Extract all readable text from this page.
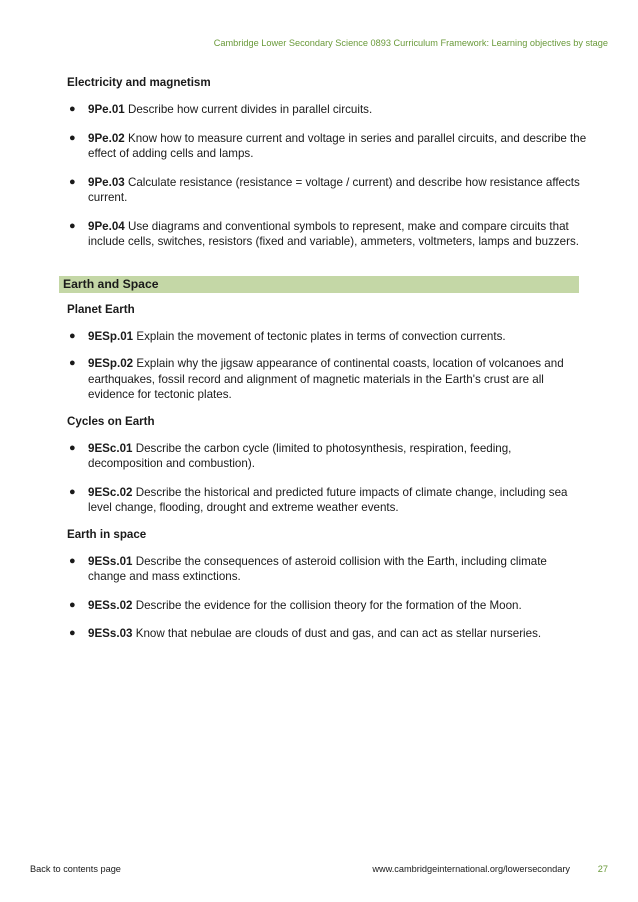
Cambridge Lower Secondary Science 0893 Curriculum Framework: Learning objectives by stage
Electricity and magnetism
● 9Pe.01 Describe how current divides in parallel circuits.
● 9Pe.02 Know how to measure current and voltage in series and parallel circuits, and describe the effect of adding cells and lamps.
● 9Pe.03 Calculate resistance (resistance = voltage / current) and describe how resistance affects current.
● 9Pe.04 Use diagrams and conventional symbols to represent, make and compare circuits that include cells, switches, resistors (fixed and variable), ammeters, voltmeters, lamps and buzzers.
Earth and Space
Planet Earth
● 9ESp.01 Explain the movement of tectonic plates in terms of convection currents.
● 9ESp.02 Explain why the jigsaw appearance of continental coasts, location of volcanoes and earthquakes, fossil record and alignment of magnetic materials in the Earth's crust are all evidence for tectonic plates.
Cycles on Earth
● 9ESc.01 Describe the carbon cycle (limited to photosynthesis, respiration, feeding, decomposition and combustion).
● 9ESc.02 Describe the historical and predicted future impacts of climate change, including sea level change, flooding, drought and extreme weather events.
Earth in space
● 9ESs.01 Describe the consequences of asteroid collision with the Earth, including climate change and mass extinctions.
● 9ESs.02 Describe the evidence for the collision theory for the formation of the Moon.
● 9ESs.03 Know that nebulae are clouds of dust and gas, and can act as stellar nurseries.
Back to contents page	www.cambridgeinternational.org/lowersecondary	27
